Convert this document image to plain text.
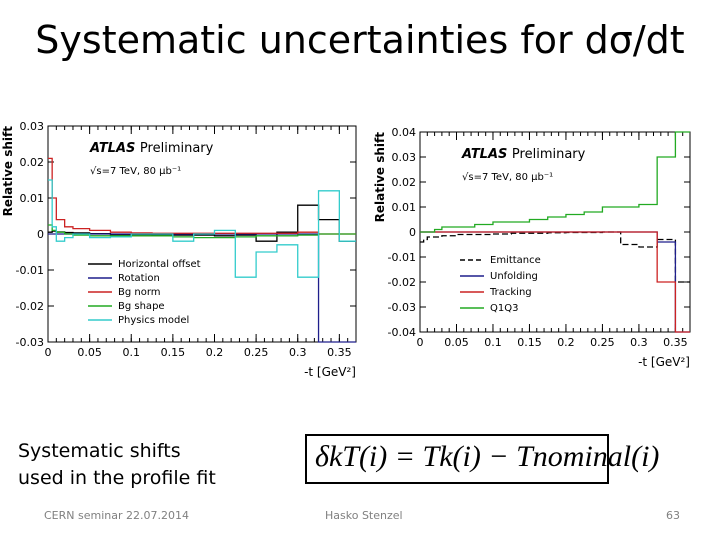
Systematic uncertainties for dσ/dt
-0.03
-0.02
-0.01
0
0.01
0.02
0.03
0 0.05 0.1 0.15 0.2 0.25 0.3 0.35
-t [GeV²]
Relative shift	ATLAS Preliminary
√s=7 TeV, 80 μb⁻¹
Horizontal offset
Rotation
Bg norm
Bg shape
Physics model
-0.04
-0.03
-0.02
-0.01
0
0.01
0.02
0.03
0.04
0 0.05 0.1 0.15 0.2 0.25 0.3 0.35
-t [GeV²]
Relative shift	ATLAS Preliminary
√s=7 TeV, 80 μb⁻¹
Emittance
Unfolding
Tracking
Q1Q3
Systematic shifts
used in the profile fit
δkT(i) = Tk(i) − Tnominal(i)
CERN seminar 22.07.2014	Hasko Stenzel	63
